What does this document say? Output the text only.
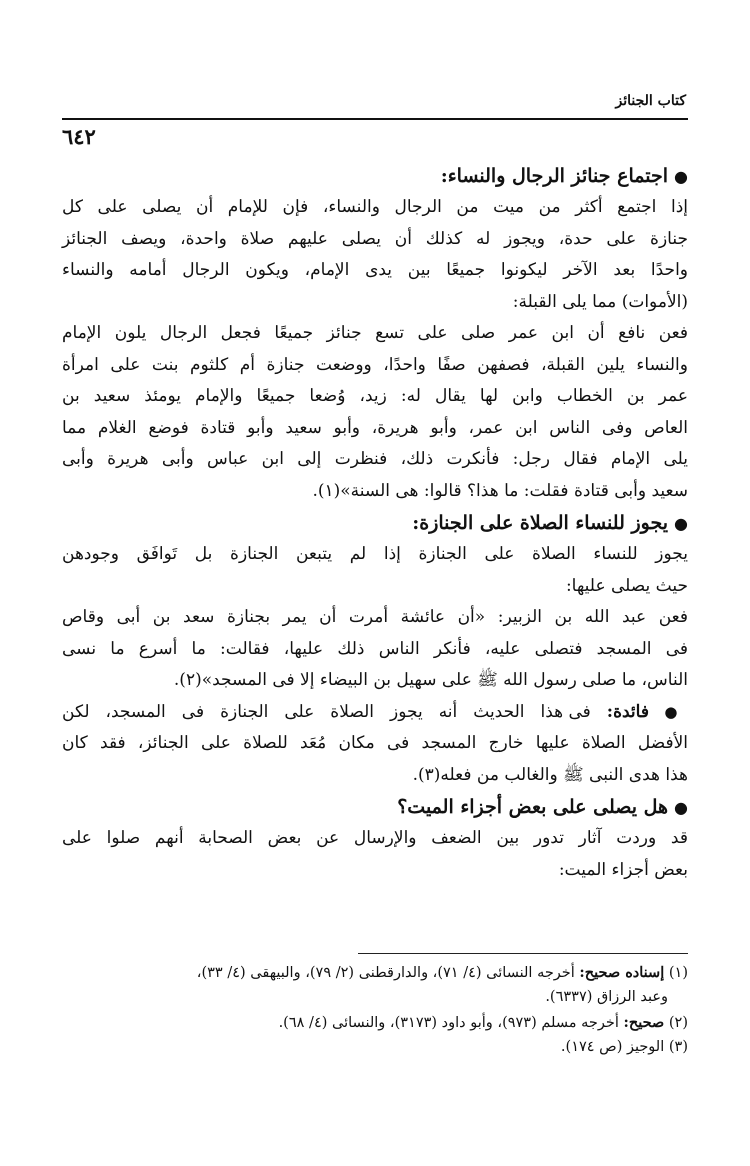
كتاب الجنائز
٦٤٢
●اجتماع جنائز الرجال والنساء:
إذا اجتمع أكثر من ميت من الرجال والنساء، فإن للإمام أن يصلى على كل
جنازة على حدة، ويجوز له كذلك أن يصلى عليهم صلاة واحدة، ويصف الجنائز
واحدًا بعد الآخر ليكونوا جميعًا بين يدى الإمام، ويكون الرجال أمامه والنساء
(الأموات) مما يلى القبلة:
فعن نافع أن ابن عمر صلى على تسع جنائز جميعًا فجعل الرجال يلون الإمام
والنساء يلين القبلة، فصفهن صفًا واحدًا، ووضعت جنازة أم كلثوم بنت على امرأة
عمر بن الخطاب وابن لها يقال له: زيد، وُضعا جميعًا والإمام يومئذ سعيد بن
العاص وفى الناس ابن عمر، وأبو هريرة، وأبو سعيد وأبو قتادة فوضع الغلام مما
يلى الإمام فقال رجل: فأنكرت ذلك، فنظرت إلى ابن عباس وأبى هريرة وأبى
سعيد وأبى قتادة فقلت: ما هذا؟ قالوا: هى السنة»(١).
●يجوز للنساء الصلاة على الجنازة:
يجوز للنساء الصلاة على الجنازة إذا لم يتبعن الجنازة بل تَوافَق وجودهن
حيث يصلى عليها:
فعن عبد الله بن الزبير: «أن عائشة أمرت أن يمر بجنازة سعد بن أبى وقاص
فى المسجد فتصلى عليه، فأنكر الناس ذلك عليها، فقالت: ما أسرع ما نسى
الناس، ما صلى رسول الله ﷺ على سهيل بن البيضاء إلا فى المسجد»(٢).
● فائدة: فى هذا الحديث أنه يجوز الصلاة على الجنازة فى المسجد، لكن
الأفضل الصلاة عليها خارج المسجد فى مكان مُعَد للصلاة على الجنائز، فقد كان
هذا هدى النبى ﷺ والغالب من فعله(٣).
●هل يصلى على بعض أجزاء الميت؟
قد وردت آثار تدور بين الضعف والإرسال عن بعض الصحابة أنهم صلوا على
بعض أجزاء الميت:
(١) إسناده صحيح: أخرجه النسائى (٤/ ٧١)، والدارقطنى (٢/ ٧٩)، والبيهقى (٤/ ٣٣)،
وعبد الرزاق (٦٣٣٧).
(٢) صحيح: أخرجه مسلم (٩٧٣)، وأبو داود (٣١٧٣)، والنسائى (٤/ ٦٨).
(٣) الوجيز (ص ١٧٤).
